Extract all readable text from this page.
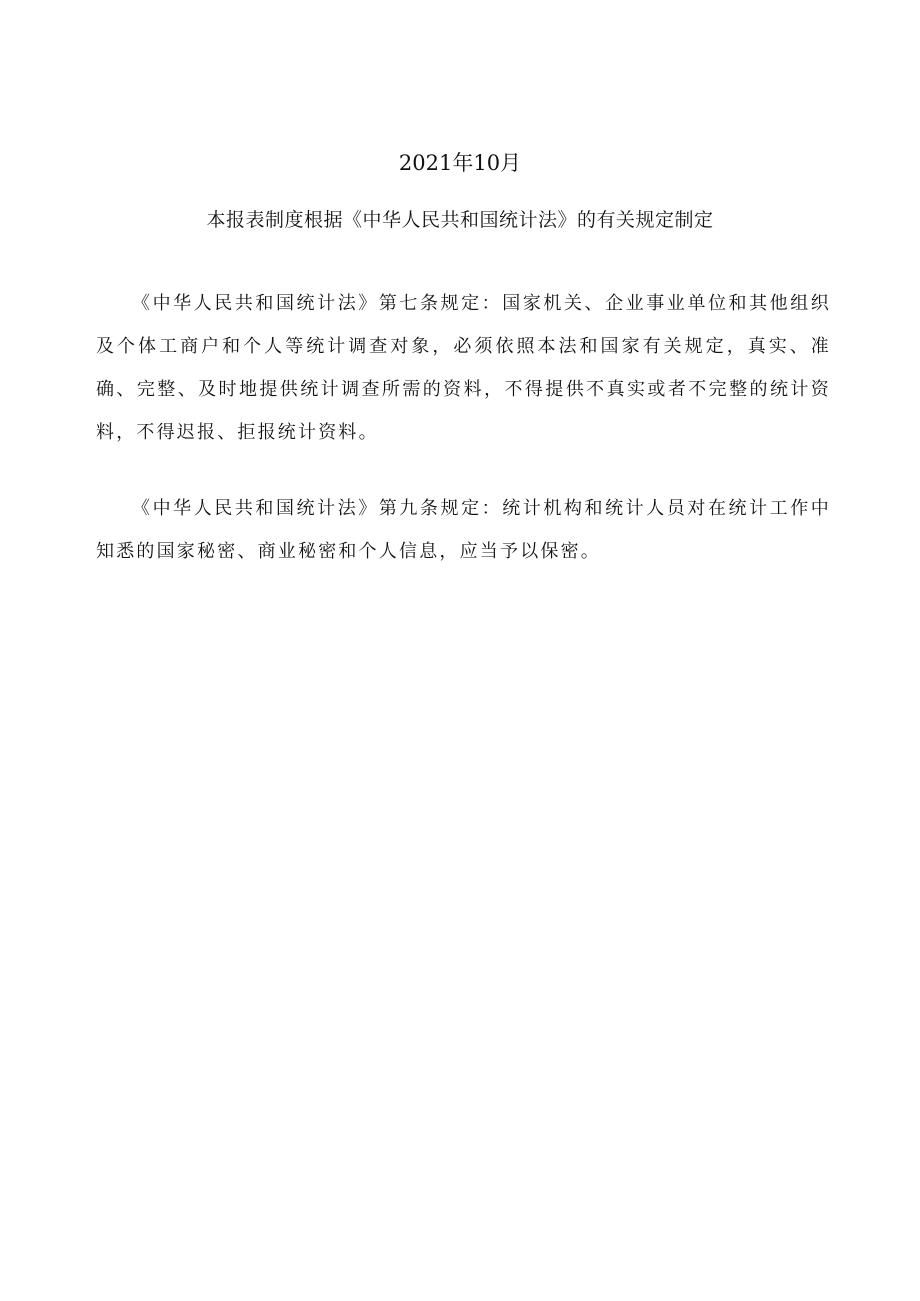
2021年10月
本报表制度根据《中华人民共和国统计法》的有关规定制定

《中华人民共和国统计法》第七条规定：国家机关、企业事业单位和其他组织及个体工商户和个人等统计调查对象，必须依照本法和国家有关规定，真实、准确、完整、及时地提供统计调查所需的资料，不得提供不真实或者不完整的统计资料，不得迟报、拒报统计资料。

《中华人民共和国统计法》第九条规定：统计机构和统计人员对在统计工作中知悉的国家秘密、商业秘密和个人信息，应当予以保密。
